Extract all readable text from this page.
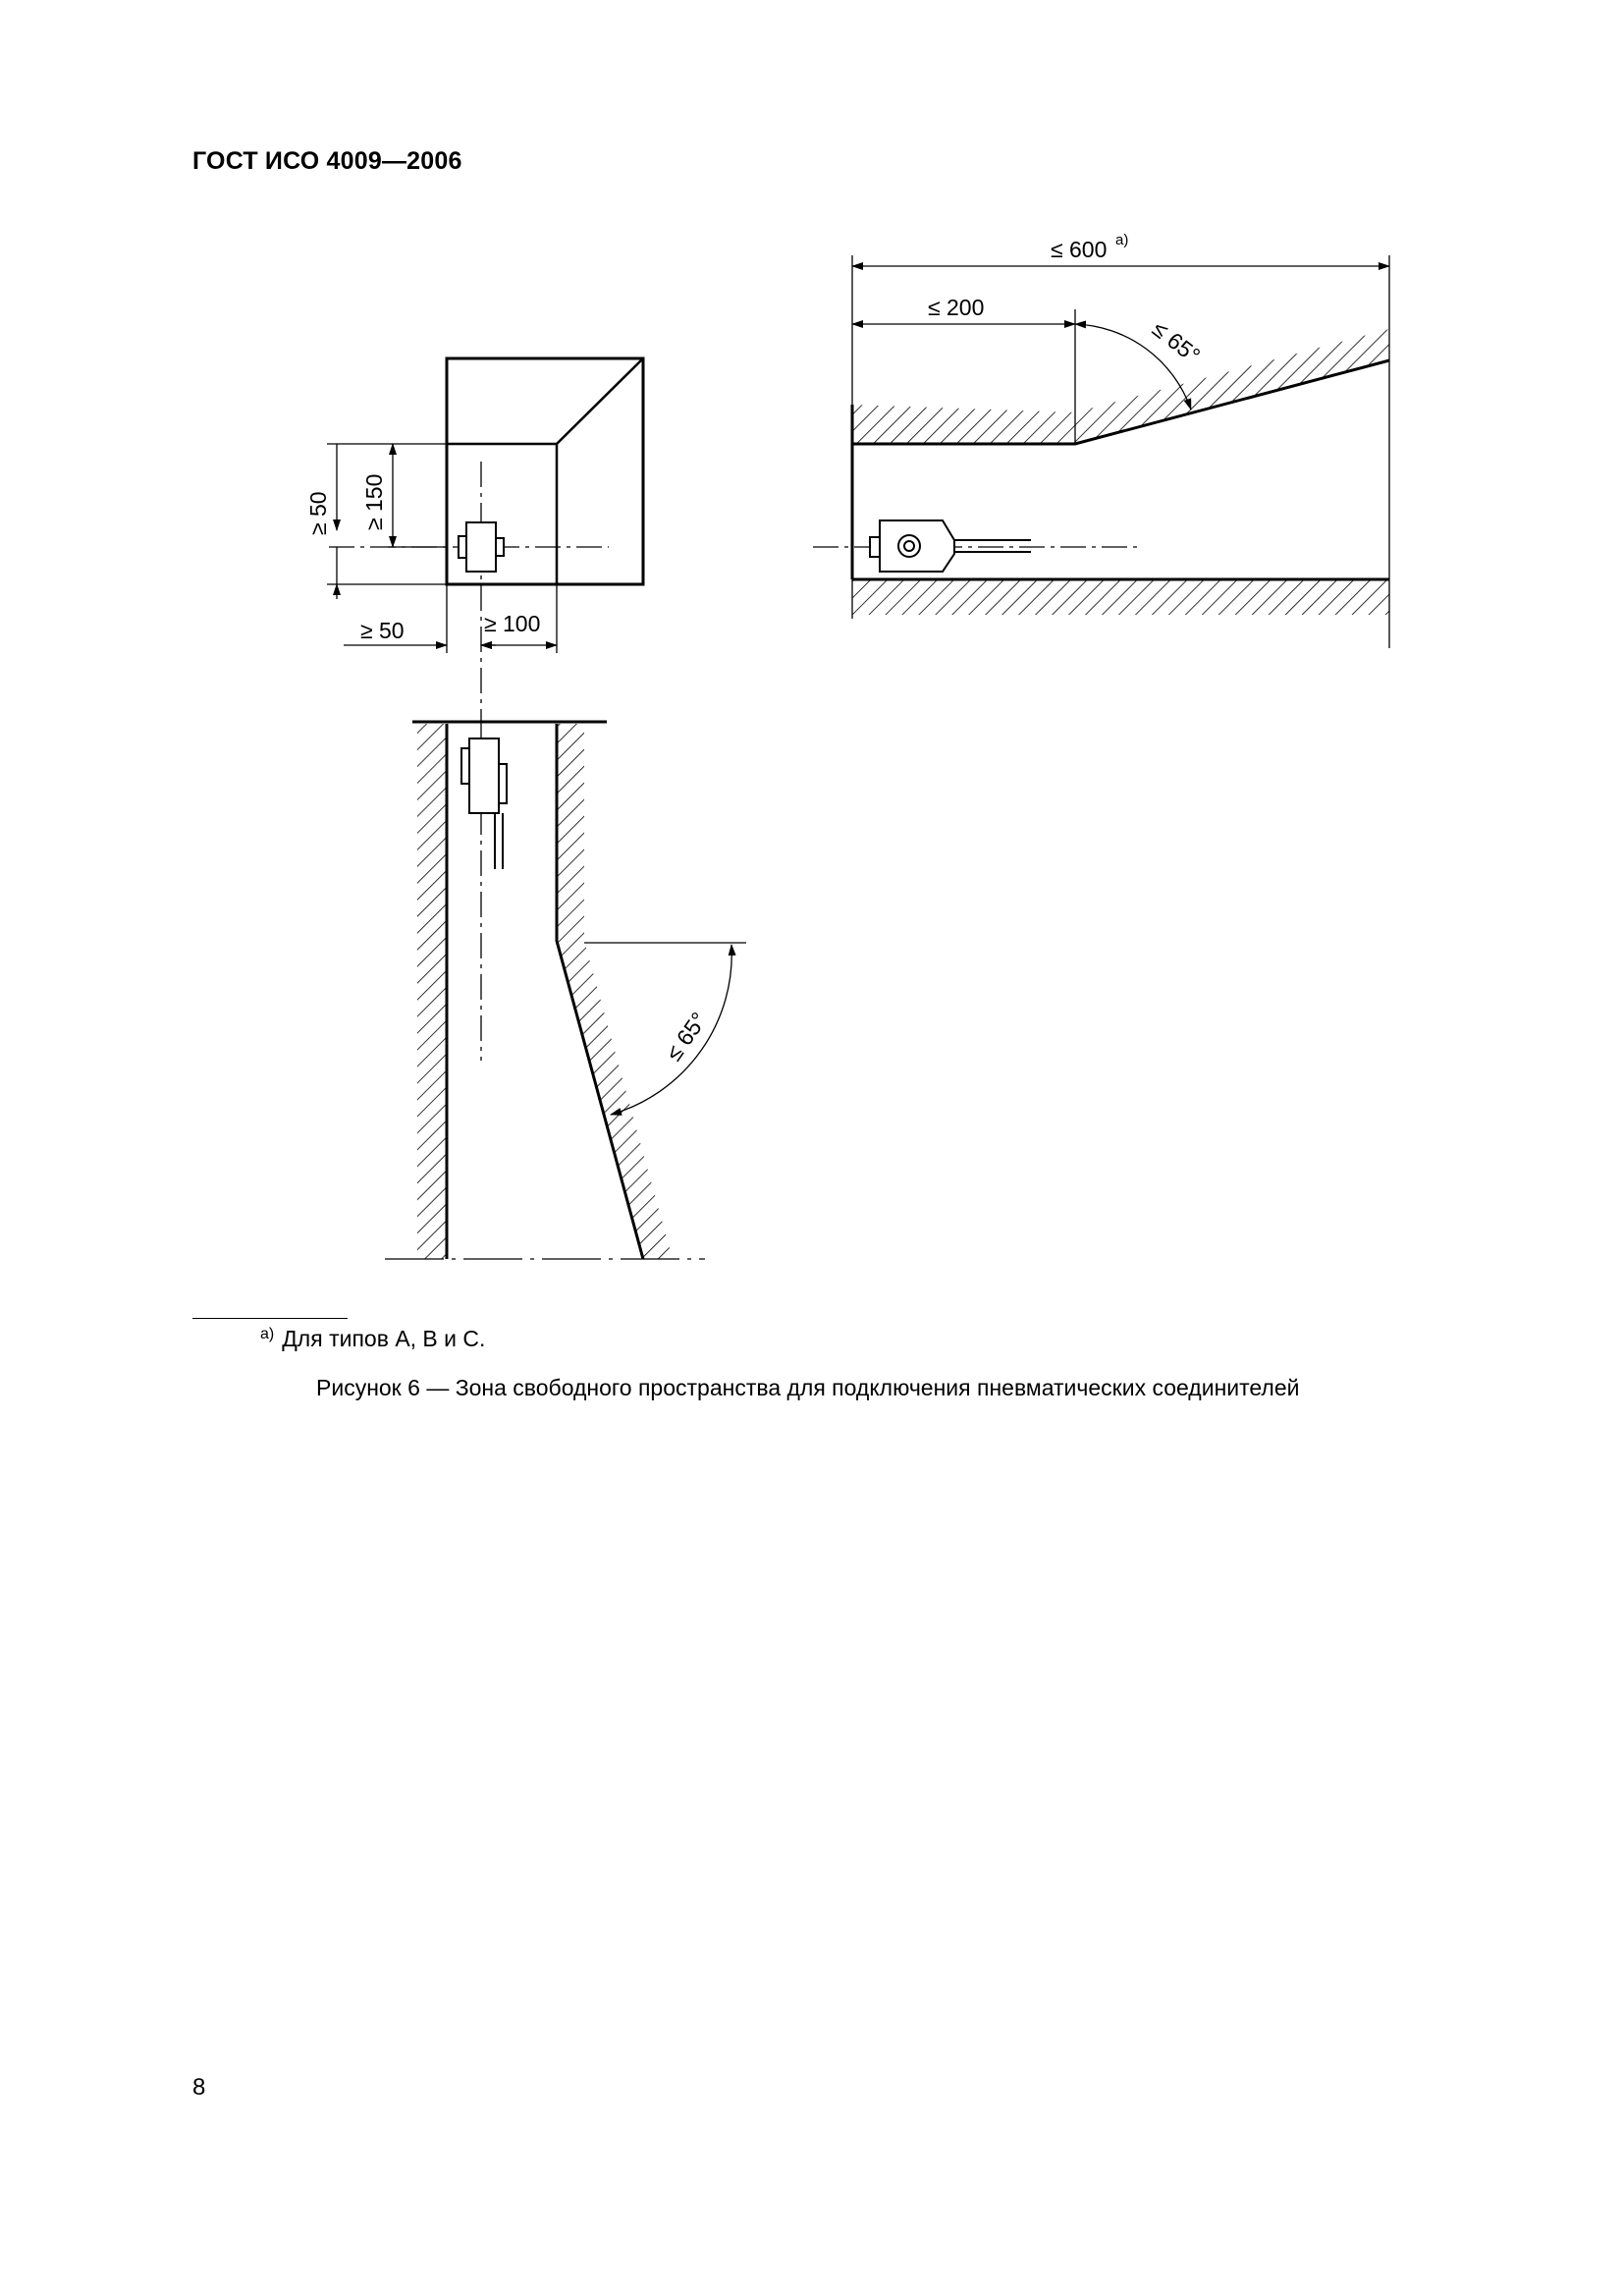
ГОСТ ИСО 4009—2006
≥ 50 ≥ 150
≥ 50	≥ 100
≤ 600 а)
≤ 200
≤ 65°
≤ 65°
$^{а)}$ Для типов А, В и С.
Рисунок 6 — Зона свободного пространства для подключения пневматических соединителей
8
